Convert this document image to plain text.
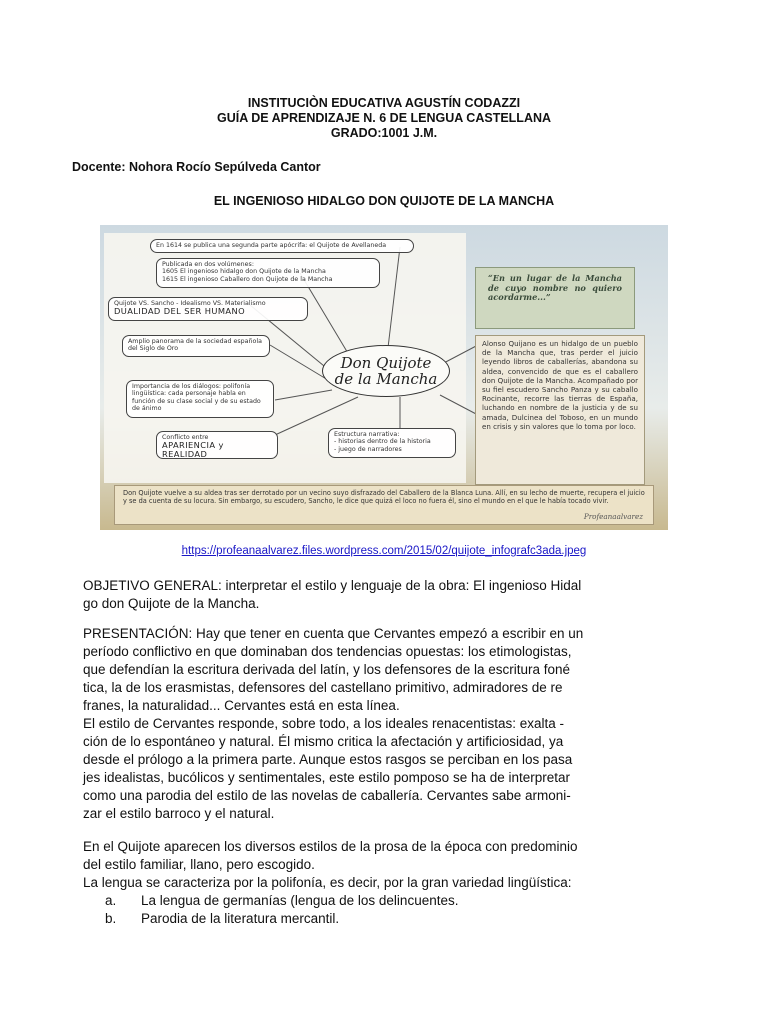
INSTITUCIÒN EDUCATIVA AGUSTÍN CODAZZI
GUÍA DE APRENDIZAJE N. 6 DE LENGUA CASTELLANA
GRADO:1001 J.M.
Docente: Nohora Rocío Sepúlveda Cantor
EL INGENIOSO HIDALGO DON QUIJOTE DE LA MANCHA
En 1614 se publica una segunda parte apócrifa: el Quijote de Avellaneda
Publicada en dos volúmenes:
1605 El ingenioso hidalgo don Quijote de la Mancha
1615 El ingenioso Caballero don Quijote de la Mancha
Quijote VS. Sancho - Idealismo VS. Materialismo
DUALIDAD DEL SER HUMANO
Amplio panorama de la sociedad española del Siglo de Oro
Importancia de los diálogos: polifonía lingüística: cada personaje habla en función de su clase social y de su estado de ánimo
Conflicto entre
APARIENCIA y REALIDAD
Estructura narrativa:
- historias dentro de la historia
- juego de narradores
Don Quijote
de la Mancha
“En un lugar de la Mancha de cuyo nombre no quiero acordarme...”
Alonso Quijano es un hidalgo de un pueblo de la Mancha que, tras perder el juicio leyendo libros de caballerías, abandona su aldea, convencido de que es el caballero don Quijote de la Mancha. Acompañado por su fiel escudero Sancho Panza y su caballo Rocinante, recorre las tierras de España, luchando en nombre de la justicia y de su amada, Dulcinea del Toboso, en un mundo en crisis y sin valores que lo toma por loco.
Don Quijote vuelve a su aldea tras ser derrotado por un vecino suyo disfrazado del Caballero de la Blanca Luna. Allí, en su lecho de muerte, recupera el juicio y se da cuenta de su locura. Sin embargo, su escudero, Sancho, le dice que quizá el loco no fuera él, sino el mundo en el que le había tocado vivir.
Profeanaalvarez
https://profeanaalvarez.files.wordpress.com/2015/02/quijote_infografc3ada.jpeg

OBJETIVO GENERAL: interpretar el estilo y lenguaje de la obra: El ingenioso Hidal

go don Quijote de la Mancha.

PRESENTACIÓN: Hay que tener en cuenta que Cervantes empezó a escribir en un

período conflictivo en que dominaban dos tendencias opuestas: los etimologistas,

que defendían la escritura derivada del latín, y los defensores de la escritura foné

tica, la de los erasmistas, defensores del castellano primitivo, admiradores de re

franes, la naturalidad... Cervantes está en esta línea.

El estilo de Cervantes responde, sobre todo, a los ideales renacentistas: exalta -

ción de lo espontáneo y natural. Él mismo critica la afectación y artificiosidad, ya

desde el prólogo a la primera parte. Aunque estos rasgos se perciban en los pasa

jes idealistas, bucólicos y sentimentales, este estilo pomposo se ha de interpretar

como una parodia del estilo de las novelas de caballería. Cervantes sabe armoni-

zar el estilo barroco y el natural.

En el Quijote aparecen los diversos estilos de la prosa de la época con predominio

del estilo familiar, llano, pero escogido.

La lengua se caracteriza por la polifonía, es decir, por la gran variedad lingüística:

a.	La lengua de germanías (lengua de los delincuentes.
b.	Parodia de la literatura mercantil.
